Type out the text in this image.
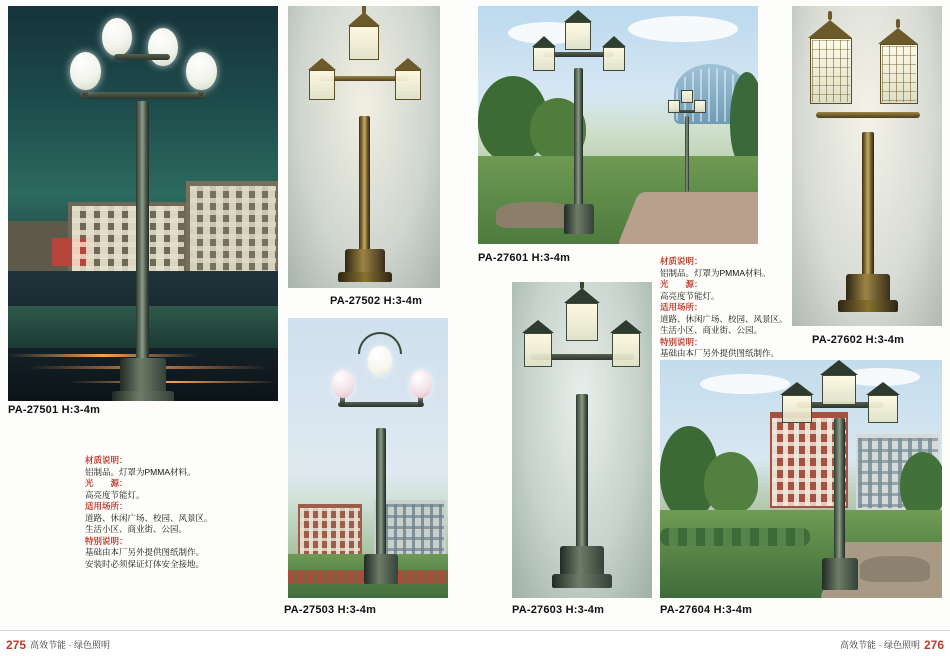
PA-27501 H:3-4m
材质说明：
铝制品。灯罩为PMMA材料。
光　　源：
高亮度节能灯。
适用场所：
道路、休闲广场、校园、风景区。
生活小区、商业街、公园。
特别说明：
基础由本厂另外提供图纸制作。
安装时必须保证灯体安全接地。
PA-27502 H:3-4m
PA-27601 H:3-4m
PA-27602 H:3-4m
材质说明：
铝制品。灯罩为PMMA材料。
光　　源：
高亮度节能灯。
适用场所：
道路、休闲广场、校园、风景区。
生活小区、商业街、公园。
特别说明：
基础由本厂另外提供图纸制作。
PA-27503 H:3-4m	PA-27603 H:3-4m	PA-27604 H:3-4m
275 高效节能 · 绿色照明	276
高效节能 · 绿色照明
